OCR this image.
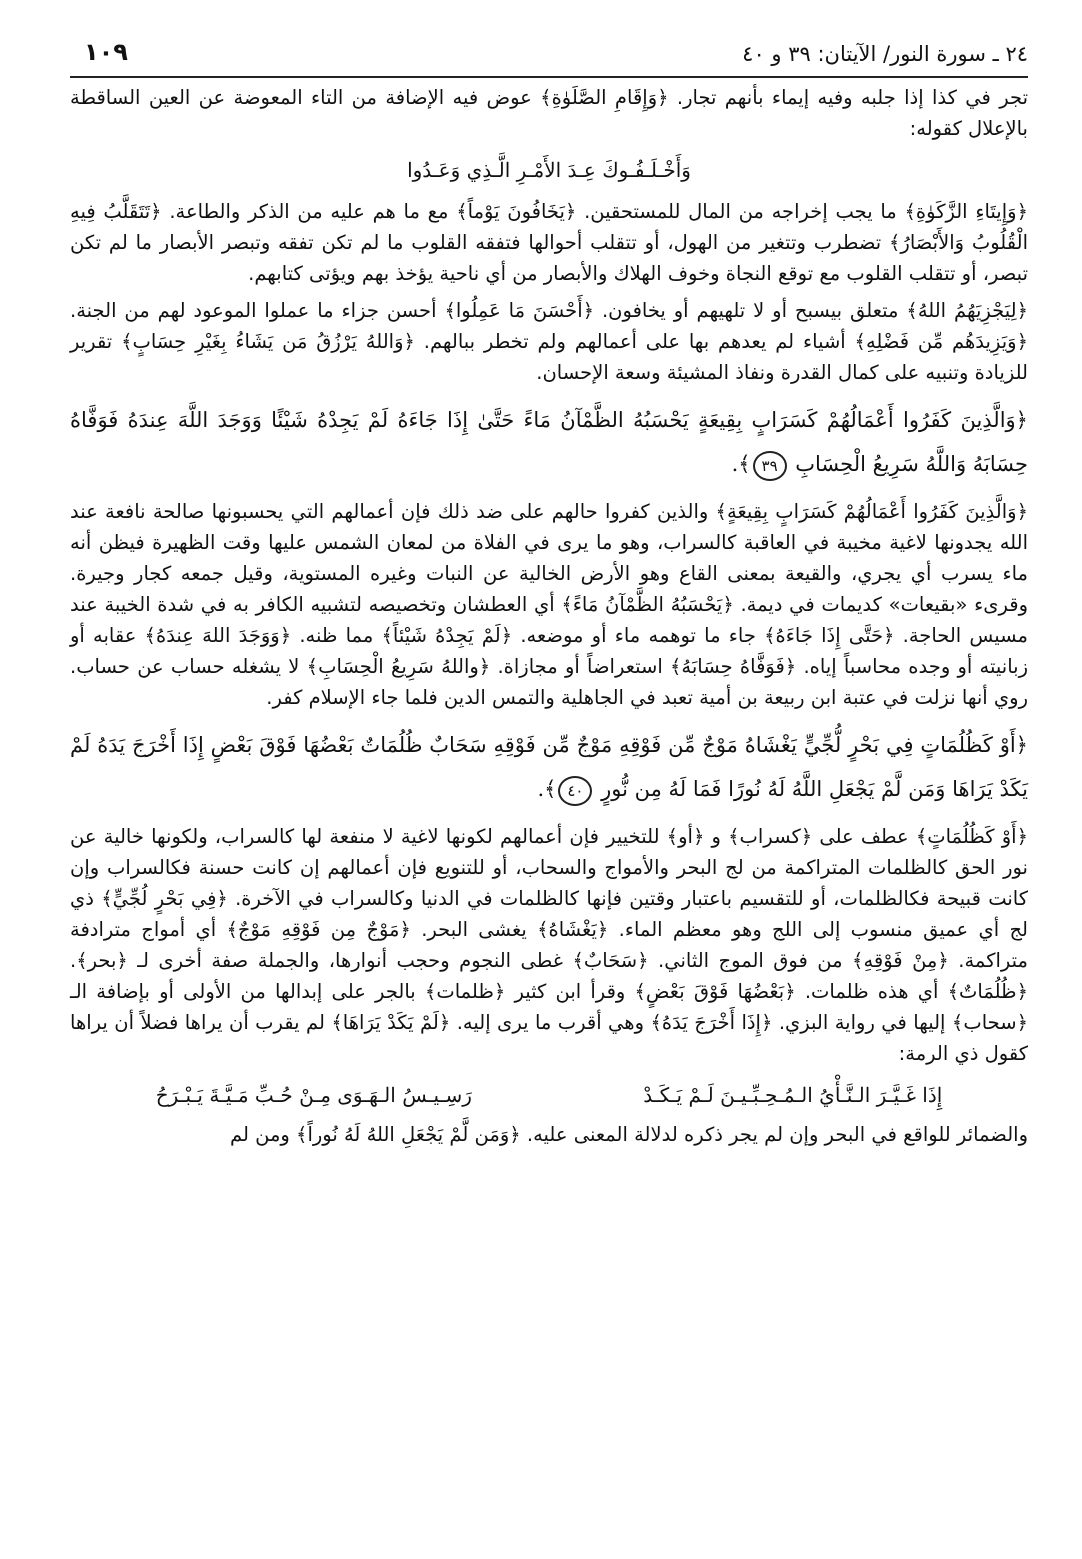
٢٤ ـ سورة النور/ الآيتان: ٣٩ و ٤٠
١٠٩

تجر في كذا إذا جلبه وفيه إيماء بأنهم تجار. ﴿وَإِقَامِ الصَّلَوٰةِ﴾ عوض فيه الإضافة من التاء المعوضة عن العين الساقطة بالإعلال كقوله:

وَأَخْـلَـفُـوكَ عِـدَ الأَمْـرِ الَّـذِي وَعَـدُوا

﴿وَإِيتَاءِ الزَّكَوٰةِ﴾ ما يجب إخراجه من المال للمستحقين. ﴿يَخَافُونَ يَوْماً﴾ مع ما هم عليه من الذكر والطاعة. ﴿تَتَقَلَّبُ فِيهِ الْقُلُوبُ وَالأَبْصَارُ﴾ تضطرب وتتغير من الهول، أو تتقلب أحوالها فتفقه القلوب ما لم تكن تفقه وتبصر الأبصار ما لم تكن تبصر، أو تتقلب القلوب مع توقع النجاة وخوف الهلاك والأبصار من أي ناحية يؤخذ بهم ويؤتى كتابهم.

﴿لِيَجْزِيَهُمُ اللهُ﴾ متعلق بيسبح أو لا تلهيهم أو يخافون. ﴿أَحْسَنَ مَا عَمِلُوا﴾ أحسن جزاء ما عملوا الموعود لهم من الجنة. ﴿وَيَزِيدَهُم مِّن فَضْلِهِ﴾ أشياء لم يعدهم بها على أعمالهم ولم تخطر ببالهم. ﴿وَاللهُ يَرْزُقُ مَن يَشَاءُ بِغَيْرِ حِسَابٍ﴾ تقرير للزيادة وتنبيه على كمال القدرة ونفاذ المشيئة وسعة الإحسان.

﴿وَالَّذِينَ كَفَرُوا أَعْمَالُهُمْ كَسَرَابٍ بِقِيعَةٍ يَحْسَبُهُ الظَّمْآنُ مَاءً حَتَّىٰ إِذَا جَاءَهُ لَمْ يَجِدْهُ شَيْئًا وَوَجَدَ اللَّهَ عِندَهُ فَوَفَّاهُ حِسَابَهُ وَاللَّهُ سَرِيعُ الْحِسَابِ ٣٩﴾.

﴿وَالَّذِينَ كَفَرُوا أَعْمَالُهُمْ كَسَرَابٍ بِقِيعَةٍ﴾ والذين كفروا حالهم على ضد ذلك فإن أعمالهم التي يحسبونها صالحة نافعة عند الله يجدونها لاغية مخيبة في العاقبة كالسراب، وهو ما يرى في الفلاة من لمعان الشمس عليها وقت الظهيرة فيظن أنه ماء يسرب أي يجري، والقيعة بمعنى القاع وهو الأرض الخالية عن النبات وغيره المستوية، وقيل جمعه كجار وجيرة. وقرىء «بقيعات» كديمات في ديمة. ﴿يَحْسَبُهُ الظَّمْآنُ مَاءً﴾ أي العطشان وتخصيصه لتشبيه الكافر به في شدة الخيبة عند مسيس الحاجة. ﴿حَتَّى إِذَا جَاءَهُ﴾ جاء ما توهمه ماء أو موضعه. ﴿لَمْ يَجِدْهُ شَيْئاً﴾ مما ظنه. ﴿وَوَجَدَ اللهَ عِندَهُ﴾ عقابه أو زبانيته أو وجده محاسباً إياه. ﴿فَوَفَّاهُ حِسَابَهُ﴾ استعراضاً أو مجازاة. ﴿واللهُ سَرِيعُ الْحِسَابِ﴾ لا يشغله حساب عن حساب. روي أنها نزلت في عتبة ابن ربيعة بن أمية تعبد في الجاهلية والتمس الدين فلما جاء الإسلام كفر.

﴿أَوْ كَظُلُمَاتٍ فِي بَحْرٍ لُّجِّيٍّ يَغْشَاهُ مَوْجٌ مِّن فَوْقِهِ مَوْجٌ مِّن فَوْقِهِ سَحَابٌ ظُلُمَاتٌ بَعْضُهَا فَوْقَ بَعْضٍ إِذَا أَخْرَجَ يَدَهُ لَمْ يَكَدْ يَرَاهَا وَمَن لَّمْ يَجْعَلِ اللَّهُ لَهُ نُورًا فَمَا لَهُ مِن نُّورٍ ٤٠﴾.

﴿أَوْ كَظُلُمَاتٍ﴾ عطف على ﴿كسراب﴾ و ﴿أو﴾ للتخيير فإن أعمالهم لكونها لاغية لا منفعة لها كالسراب، ولكونها خالية عن نور الحق كالظلمات المتراكمة من لج البحر والأمواج والسحاب، أو للتنويع فإن أعمالهم إن كانت حسنة فكالسراب وإن كانت قبيحة فكالظلمات، أو للتقسيم باعتبار وقتين فإنها كالظلمات في الدنيا وكالسراب في الآخرة. ﴿فِي بَحْرٍ لُجِّيٍّ﴾ ذي لج أي عميق منسوب إلى اللج وهو معظم الماء. ﴿يَغْشَاهُ﴾ يغشى البحر. ﴿مَوْجٌ مِن فَوْقِهِ مَوْجٌ﴾ أي أمواج مترادفة متراكمة. ﴿مِنْ فَوْقِهِ﴾ من فوق الموج الثاني. ﴿سَحَابٌ﴾ غطى النجوم وحجب أنوارها، والجملة صفة أخرى لـ ﴿بحر﴾. ﴿ظُلُمَاتٌ﴾ أي هذه ظلمات. ﴿بَعْضُهَا فَوْقَ بَعْضٍ﴾ وقرأ ابن كثير ﴿ظلمات﴾ بالجر على إبدالها من الأولى أو بإضافة الـ ﴿سحاب﴾ إليها في رواية البزي. ﴿إِذَا أَخْرَجَ يَدَهُ﴾ وهي أقرب ما يرى إليه. ﴿لَمْ يَكَدْ يَرَاهَا﴾ لم يقرب أن يراها فضلاً أن يراها كقول ذي الرمة:

إِذَا غَـيَّـرَ الـنَّـأْيُ الـمُـحِـبِّـيـنَ لَـمْ يَـكَـدْ
رَسِـيـسُ الـهَـوَى مِـنْ حُـبِّ مَـيَّـةَ يَـبْـرَحُ

والضمائر للواقع في البحر وإن لم يجر ذكره لدلالة المعنى عليه. ﴿وَمَن لَّمْ يَجْعَلِ اللهُ لَهُ نُوراً﴾ ومن لم
